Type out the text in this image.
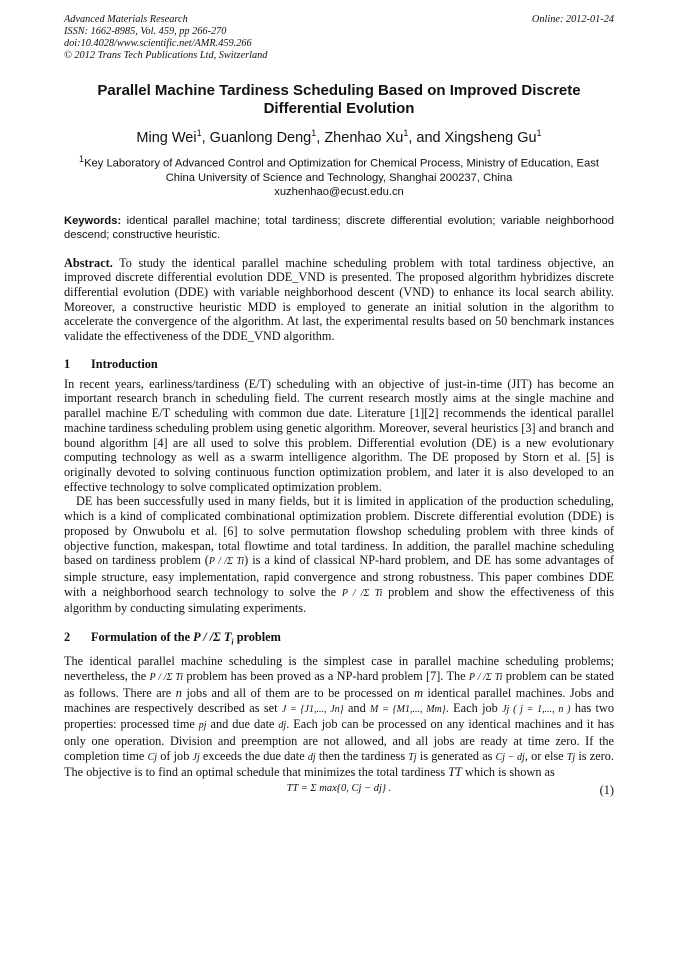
Advanced Materials Research
ISSN: 1662-8985, Vol. 459, pp 266-270
doi:10.4028/www.scientific.net/AMR.459.266
© 2012 Trans Tech Publications Ltd, Switzerland
Online: 2012-01-24
Parallel Machine Tardiness Scheduling Based on Improved Discrete
Differential Evolution
Ming Wei$^1$, Guanlong Deng$^1$, Zhenhao Xu$^1$, and Xingsheng Gu$^1$
$^1$Key Laboratory of Advanced Control and Optimization for Chemical Process, Ministry of Education, East China University of Science and Technology, Shanghai 200237, China
xuzhenhao@ecust.edu.cn
Keywords: identical parallel machine; total tardiness; discrete differential evolution; variable neighborhood descend; constructive heuristic.
Abstract. To study the identical parallel machine scheduling problem with total tardiness objective, an improved discrete differential evolution DDE_VND is presented. The proposed algorithm hybridizes discrete differential evolution (DDE) with variable neighborhood descent (VND) to enhance its local search ability. Moreover, a constructive heuristic MDD is employed to generate an initial solution in the algorithm to accelerate the convergence of the algorithm. At last, the experimental results based on 50 benchmark instances validate the effectiveness of the DDE_VND algorithm.
1 Introduction
In recent years, earliness/tardiness (E/T) scheduling with an objective of just-in-time (JIT) has become an important research branch in scheduling field. The current research mostly aims at the single machine and parallel machine E/T scheduling with common due date. Literature [1][2] recommends the identical parallel machine tardiness scheduling problem using genetic algorithm. Moreover, several heuristics [3] and branch and bound algorithm [4] are all used to solve this problem. Differential evolution (DE) is a new evolutionary computing technology as well as a swarm intelligence algorithm. The DE proposed by Storn et al. [5] is originally devoted to solving continuous function optimization problem, and later it is also developed to an effective technology to solve complicated optimization problem.
DE has been successfully used in many fields, but it is limited in application of the production scheduling, which is a kind of complicated combinational optimization problem. Discrete differential evolution (DDE) is proposed by Onwubolu et al. [6] to solve permutation flowshop scheduling problem with three kinds of objective function, makespan, total flowtime and total tardiness. In addition, the parallel machine scheduling based on tardiness problem (P / /Σ Ti) is a kind of classical NP-hard problem, and DE has some advantages of simple structure, easy implementation, rapid convergence and strong robustness. This paper combines DDE with a neighborhood search technology to solve the P / /Σ Ti problem and show the effectiveness of this algorithm by conducting simulating experiments.
2 Formulation of the P / /Σ $T_i$ problem
The identical parallel machine scheduling is the simplest case in parallel machine scheduling problems; nevertheless, the P / /Σ Ti problem has been proved as a NP-hard problem [7]. The P / /Σ Ti problem can be stated as follows. There are n jobs and all of them are to be processed on m identical parallel machines. Jobs and machines are respectively described as set J = {J1,..., Jn} and M = {M1,..., Mm}. Each job Jj ( j = 1,..., n ) has two properties: processed time pj and due date dj. Each job can be processed on any identical machines and it has only one operation. Division and preemption are not allowed, and all jobs are ready at time zero. If the completion time Cj of job Jj exceeds the due date dj then the tardiness Tj is generated as Cj − dj, or else Tj is zero. The objective is to find an optimal schedule that minimizes the total tardiness TT which is shown as
TT = Σ max{0, Cj − dj} .	(1)
